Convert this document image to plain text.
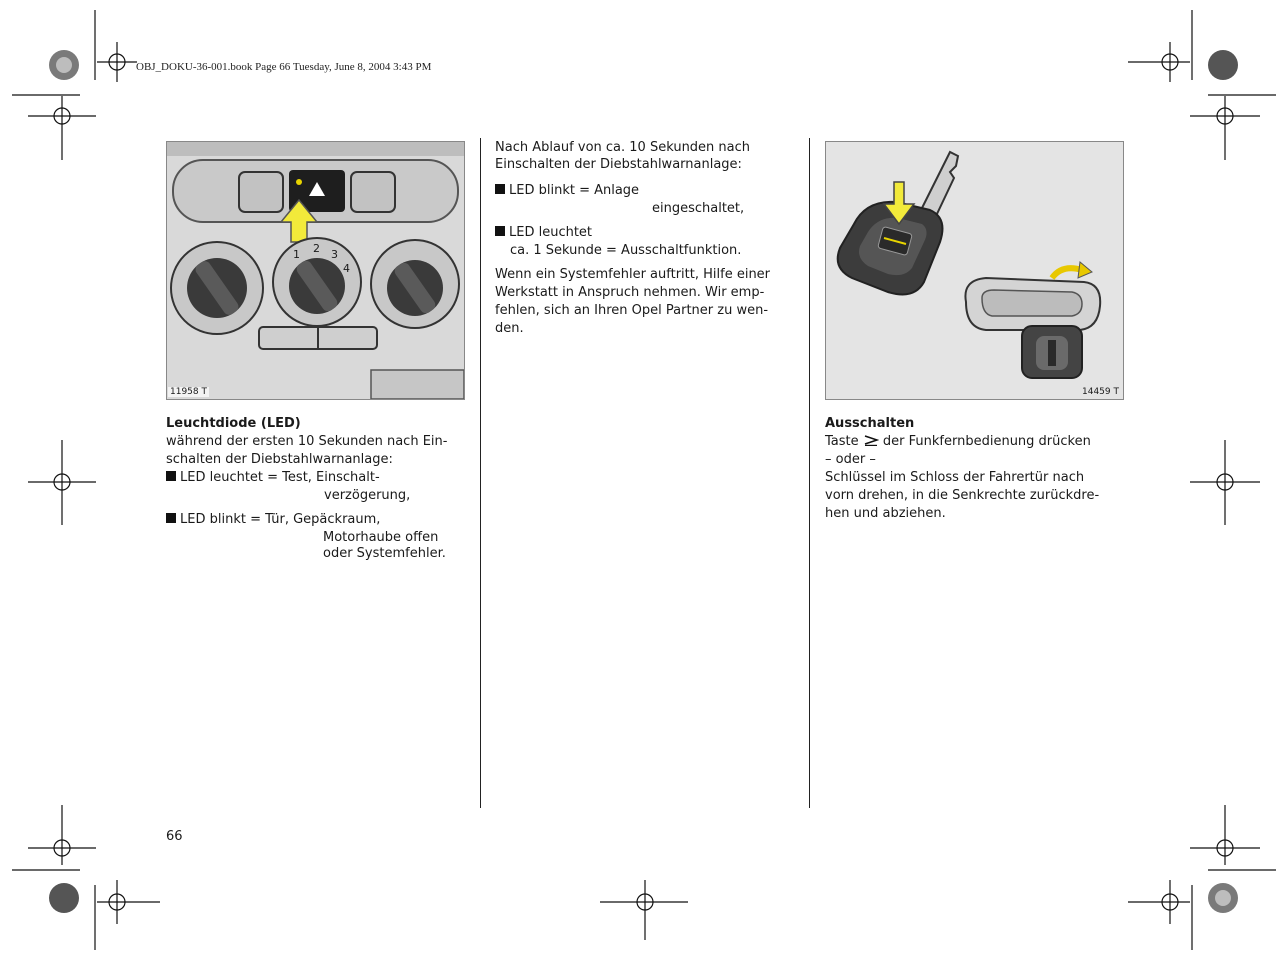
OBJ_DOKU-36-001.book Page 66 Tuesday, June 8, 2004 3:43 PM
1 2 3
4
11958 T
Leuchtdiode (LED)
während der ersten 10 Sekunden nach Ein-
schalten der Diebstahlwarnanlage:
LED leuchtet = Test, Einschalt-
verzögerung,
LED blinkt = Tür, Gepäckraum,
Motorhaube offen
oder Systemfehler.
Nach Ablauf von ca. 10 Sekunden nach
Einschalten der Diebstahlwarnanlage:
LED blinkt = Anlage
eingeschaltet,
LED leuchtet
ca. 1 Sekunde = Ausschaltfunktion.
Wenn ein Systemfehler auftritt, Hilfe einer
Werkstatt in Anspruch nehmen. Wir emp-
fehlen, sich an Ihren Opel Partner zu wen-
den.
14459 T
Ausschalten
Taste der Funkfernbedienung drücken
– oder –
Schlüssel im Schloss der Fahrertür nach
vorn drehen, in die Senkrechte zurückdre-
hen und abziehen.
66
